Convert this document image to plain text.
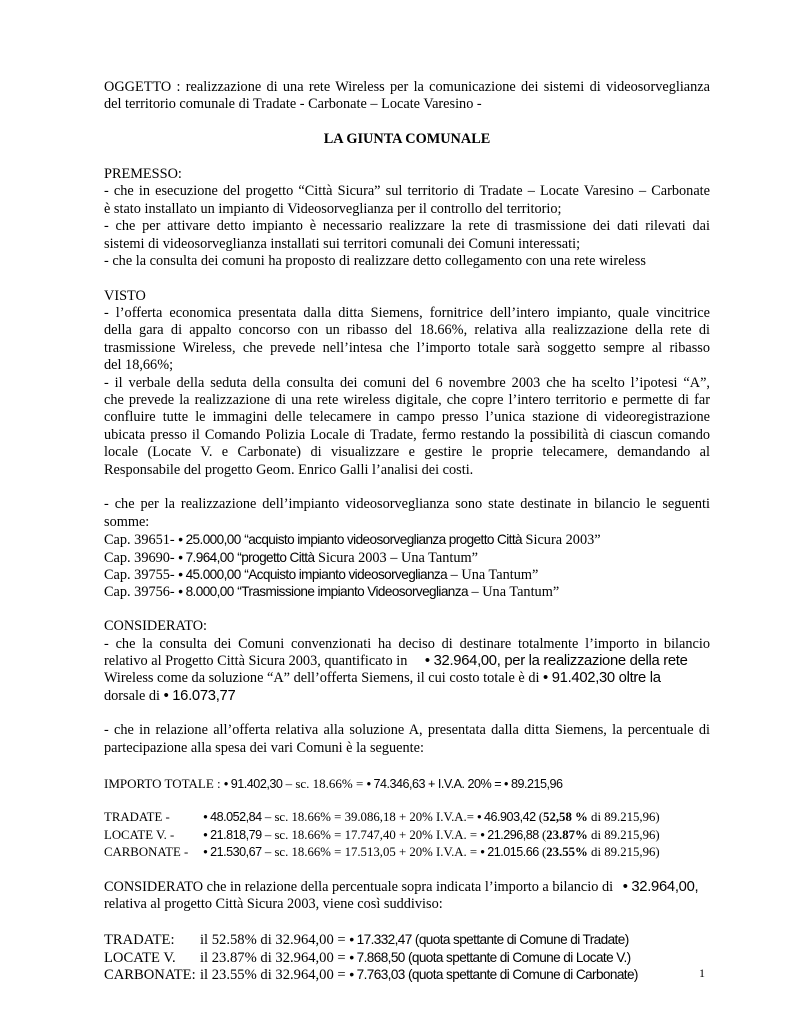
OGGETTO : realizzazione di una rete Wireless per la comunicazione dei sistemi di videosorveglianza
del territorio comunale di Tradate - Carbonate – Locate Varesino -
LA GIUNTA COMUNALE
PREMESSO:
- che in esecuzione del progetto “Città Sicura” sul territorio di Tradate – Locate Varesino – Carbonate
è stato installato un impianto di Videosorveglianza per il controllo del territorio;
- che per attivare detto impianto è necessario realizzare la rete di trasmissione dei dati rilevati dai
sistemi di videosorveglianza installati sui territori comunali dei Comuni interessati;
- che la consulta dei comuni ha proposto di realizzare detto collegamento con una rete wireless
VISTO
- l’offerta economica presentata dalla ditta Siemens, fornitrice dell’intero impianto, quale vincitrice
della gara di appalto concorso con un ribasso del 18.66%, relativa alla realizzazione della rete di
trasmissione Wireless, che prevede nell’intesa che l’importo totale sarà soggetto sempre al ribasso
del 18,66%;
- il verbale della seduta della consulta dei comuni del 6 novembre 2003 che ha scelto l’ipotesi “A”,
che prevede la realizzazione di una rete wireless digitale, che copre l’intero territorio e permette di far
confluire tutte le immagini delle telecamere in campo presso l’unica stazione di videoregistrazione
ubicata presso il Comando Polizia Locale di Tradate, fermo restando la possibilità di ciascun comando
locale (Locate V. e Carbonate) di visualizzare e gestire le proprie telecamere, demandando al
Responsabile del progetto Geom. Enrico Galli l’analisi dei costi.
- che per la realizzazione dell’impianto videosorveglianza sono state destinate in bilancio le seguenti
somme:
Cap. 39651- • 25.000,00 “acquisto impianto videosorveglianza progetto Città Sicura 2003”
Cap. 39690- • 7.964,00 “progetto Città Sicura 2003 – Una Tantum”
Cap. 39755- • 45.000,00 “Acquisto impianto videosorveglianza – Una Tantum”
Cap. 39756- • 8.000,00 “Trasmissione impianto Videosorveglianza – Una Tantum”
CONSIDERATO:
- che la consulta dei Comuni convenzionati ha deciso di destinare totalmente l’importo in bilancio
relativo al Progetto Città Sicura 2003, quantificato in • 32.964,00, per la realizzazione della rete
Wireless come da soluzione “A” dell’offerta Siemens, il cui costo totale è di • 91.402,30 oltre la
dorsale di • 16.073,77
- che in relazione all’offerta relativa alla soluzione A, presentata dalla ditta Siemens, la percentuale di
partecipazione alla spesa dei vari Comuni è la seguente:
IMPORTO TOTALE : • 91.402,30 – sc. 18.66% = • 74.346,63 + I.V.A. 20% = • 89.215,96
TRADATE -	• 48.052,84 – sc. 18.66% = 39.086,18 + 20% I.V.A.= • 46.903,42 (52,58 % di 89.215,96)
LOCATE V. - • 21.818,79 – sc. 18.66% = 17.747,40 + 20% I.V.A. = • 21.296,88 (23.87% di 89.215,96)
CARBONATE - • 21.530,67 – sc. 18.66% = 17.513,05 + 20% I.V.A. = • 21.015.66 (23.55% di 89.215,96)
CONSIDERATO che in relazione della percentuale sopra indicata l’importo a bilancio di • 32.964,00,
relativa al progetto Città Sicura 2003, viene così suddiviso:
TRADATE: il 52.58% di 32.964,00 = • 17.332,47 (quota spettante di Comune di Tradate)
LOCATE V. il 23.87% di 32.964,00 = • 7.868,50 (quota spettante di Comune di Locate V.)
CARBONATE: il 23.55% di 32.964,00 = • 7.763,03 (quota spettante di Comune di Carbonate)	1
